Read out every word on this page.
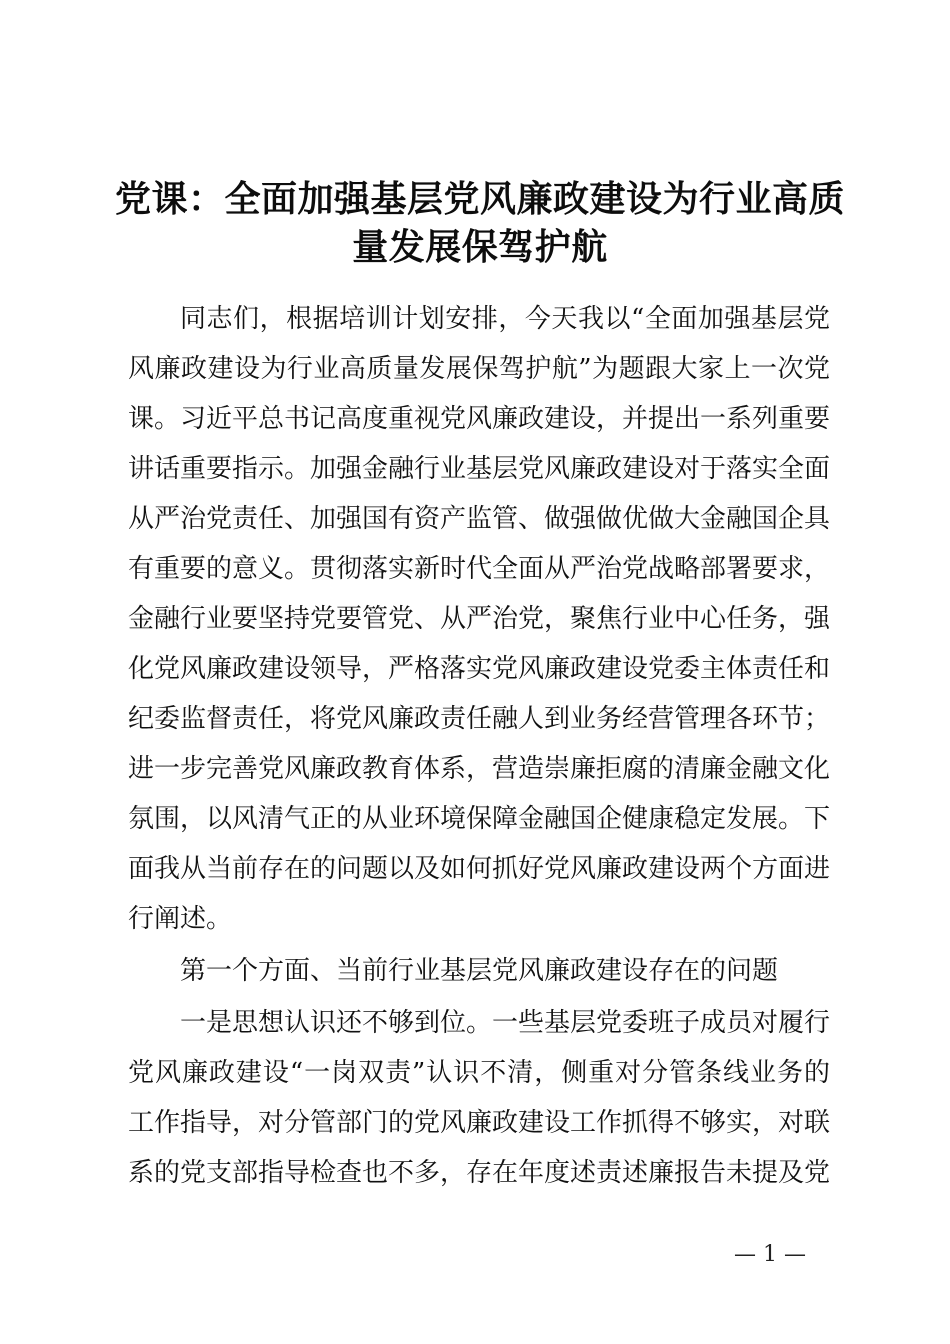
党课：全面加强基层党风廉政建设为行业高质
量发展保驾护航
同志们，根据培训计划安排，今天我以“全面加强基层党
风廉政建设为行业高质量发展保驾护航”为题跟大家上一次党
课。习近平总书记高度重视党风廉政建设，并提出一系列重要
讲话重要指示。加强金融行业基层党风廉政建设对于落实全面
从严治党责任、加强国有资产监管、做强做优做大金融国企具
有重要的意义。贯彻落实新时代全面从严治党战略部署要求，
金融行业要坚持党要管党、从严治党，聚焦行业中心任务，强
化党风廉政建设领导，严格落实党风廉政建设党委主体责任和
纪委监督责任，将党风廉政责任融人到业务经营管理各环节；
进一步完善党风廉政教育体系，营造崇廉拒腐的清廉金融文化
氛围，以风清气正的从业环境保障金融国企健康稳定发展。下
面我从当前存在的问题以及如何抓好党风廉政建设两个方面进
行阐述。
第一个方面、当前行业基层党风廉政建设存在的问题
一是思想认识还不够到位。一些基层党委班子成员对履行
党风廉政建设“一岗双责”认识不清，侧重对分管条线业务的
工作指导，对分管部门的党风廉政建设工作抓得不够实，对联
系的党支部指导检查也不多，存在年度述责述廉报告未提及党
— 1 —
